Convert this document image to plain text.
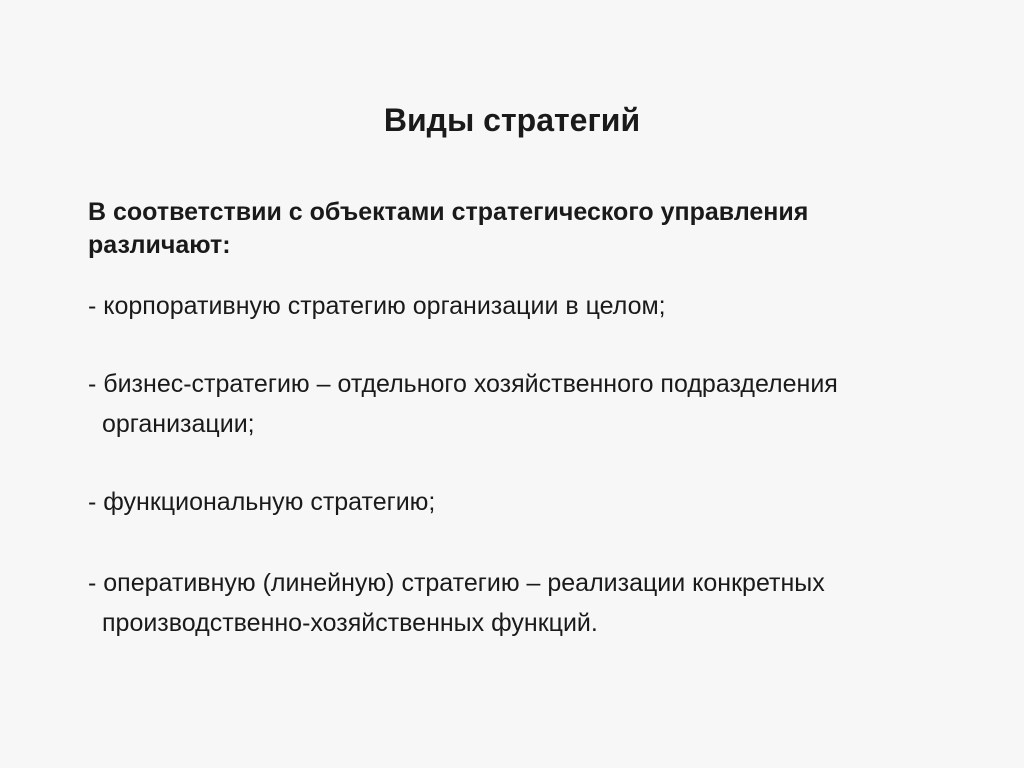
Виды стратегий
В соответствии с объектами стратегического управления различают:
- корпоративную стратегию организации в целом;
- бизнес-стратегию – отдельного хозяйственного подразделения
организации;
- функциональную стратегию;
- оперативную (линейную) стратегию – реализации конкретных
производственно-хозяйственных функций.
